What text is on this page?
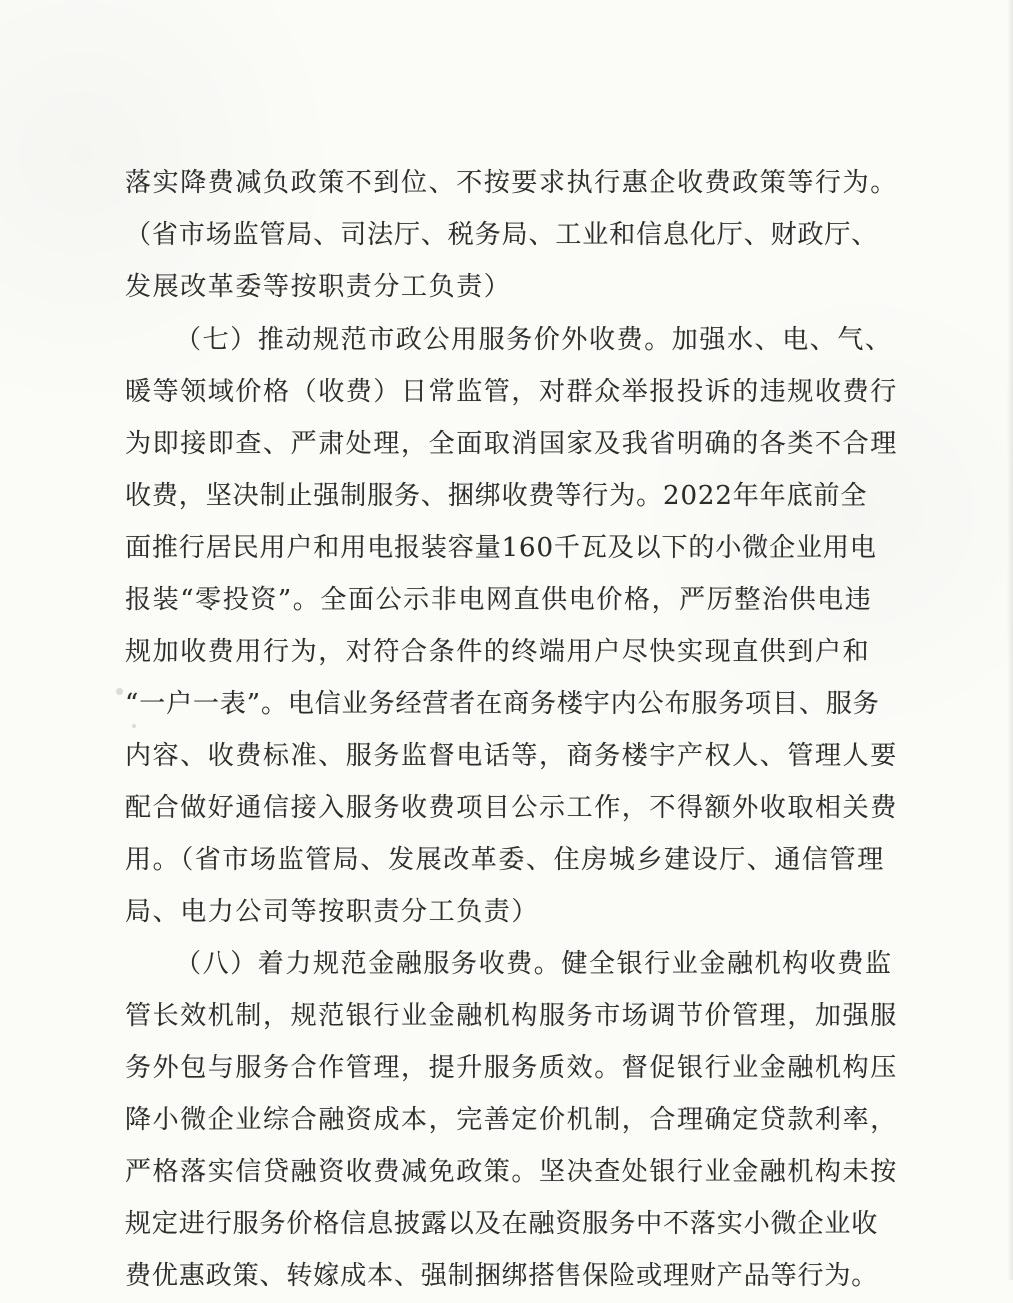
落实降费减负政策不到位、不按要求执行惠企收费政策等行为。
（省市场监管局、司法厅、税务局、工业和信息化厅、财政厅、
发展改革委等按职责分工负责）
（七）推动规范市政公用服务价外收费。加强水、电、气、
暖等领域价格（收费）日常监管，对群众举报投诉的违规收费行
为即接即查、严肃处理，全面取消国家及我省明确的各类不合理
收费，坚决制止强制服务、捆绑收费等行为。2022年年底前全
面推行居民用户和用电报装容量160千瓦及以下的小微企业用电
报装“零投资”。全面公示非电网直供电价格，严厉整治供电违
规加收费用行为，对符合条件的终端用户尽快实现直供到户和
“一户一表”。电信业务经营者在商务楼宇内公布服务项目、服务
内容、收费标准、服务监督电话等，商务楼宇产权人、管理人要
配合做好通信接入服务收费项目公示工作，不得额外收取相关费
用。（省市场监管局、发展改革委、住房城乡建设厅、通信管理
局、电力公司等按职责分工负责）
（八）着力规范金融服务收费。健全银行业金融机构收费监
管长效机制，规范银行业金融机构服务市场调节价管理，加强服
务外包与服务合作管理，提升服务质效。督促银行业金融机构压
降小微企业综合融资成本，完善定价机制，合理确定贷款利率，
严格落实信贷融资收费减免政策。坚决查处银行业金融机构未按
规定进行服务价格信息披露以及在融资服务中不落实小微企业收
费优惠政策、转嫁成本、强制捆绑搭售保险或理财产品等行为。
